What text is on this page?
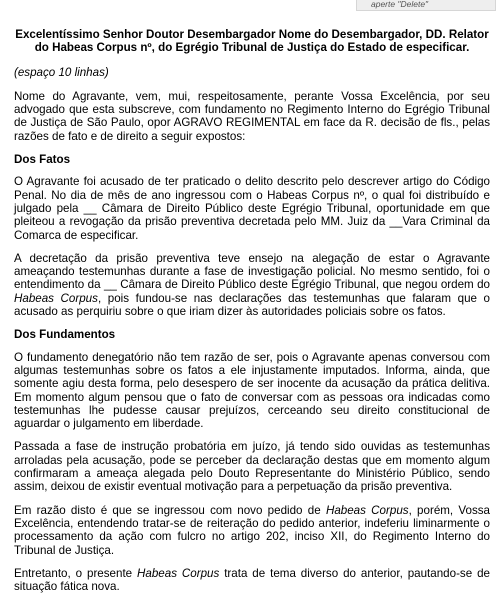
aperte "Delete"
Excelentíssimo Senhor Doutor Desembargador Nome do Desembargador, DD. Relator do Habeas Corpus nº, do Egrégio Tribunal de Justiça do Estado de especificar.
(espaço 10 linhas)

Nome do Agravante, vem, mui, respeitosamente, perante Vossa Excelência, por seu advogado que esta subscreve, com fundamento no Regimento Interno do Egrégio Tribunal de Justiça de São Paulo, opor AGRAVO REGIMENTAL em face da R. decisão de fls., pelas razões de fato e de direito a seguir expostos:

Dos Fatos

O Agravante foi acusado de ter praticado o delito descrito pelo descrever artigo do Código Penal. No dia de mês de ano ingressou com o Habeas Corpus nº, o qual foi distribuído e julgado pela __ Câmara de Direito Público deste Egrégio Tribunal, oportunidade em que pleiteou a revogação da prisão preventiva decretada pelo MM. Juiz da __Vara Criminal da Comarca de especificar.

A decretação da prisão preventiva teve ensejo na alegação de estar o Agravante ameaçando testemunhas durante a fase de investigação policial. No mesmo sentido, foi o entendimento da __ Câmara de Direito Público deste Egrégio Tribunal, que negou ordem do Habeas Corpus, pois fundou-se nas declarações das testemunhas que falaram que o acusado as perquiriu sobre o que iriam dizer às autoridades policiais sobre os fatos.

Dos Fundamentos

O fundamento denegatório não tem razão de ser, pois o Agravante apenas conversou com algumas testemunhas sobre os fatos a ele injustamente imputados. Informa, ainda, que somente agiu desta forma, pelo desespero de ser inocente da acusação da prática delitiva. Em momento algum pensou que o fato de conversar com as pessoas ora indicadas como testemunhas lhe pudesse causar prejuízos, cerceando seu direito constitucional de aguardar o julgamento em liberdade.

Passada a fase de instrução probatória em juízo, já tendo sido ouvidas as testemunhas arroladas pela acusação, pode se perceber da declaração destas que em momento algum confirmaram a ameaça alegada pelo Douto Representante do Ministério Público, sendo assim, deixou de existir eventual motivação para a perpetuação da prisão preventiva.

Em razão disto é que se ingressou com novo pedido de Habeas Corpus, porém, Vossa Excelência, entendendo tratar-se de reiteração do pedido anterior, indeferiu liminarmente o processamento da ação com fulcro no artigo 202, inciso XII, do Regimento Interno do Tribunal de Justiça.

Entretanto, o presente Habeas Corpus trata de tema diverso do anterior, pautando-se de situação fática nova.
